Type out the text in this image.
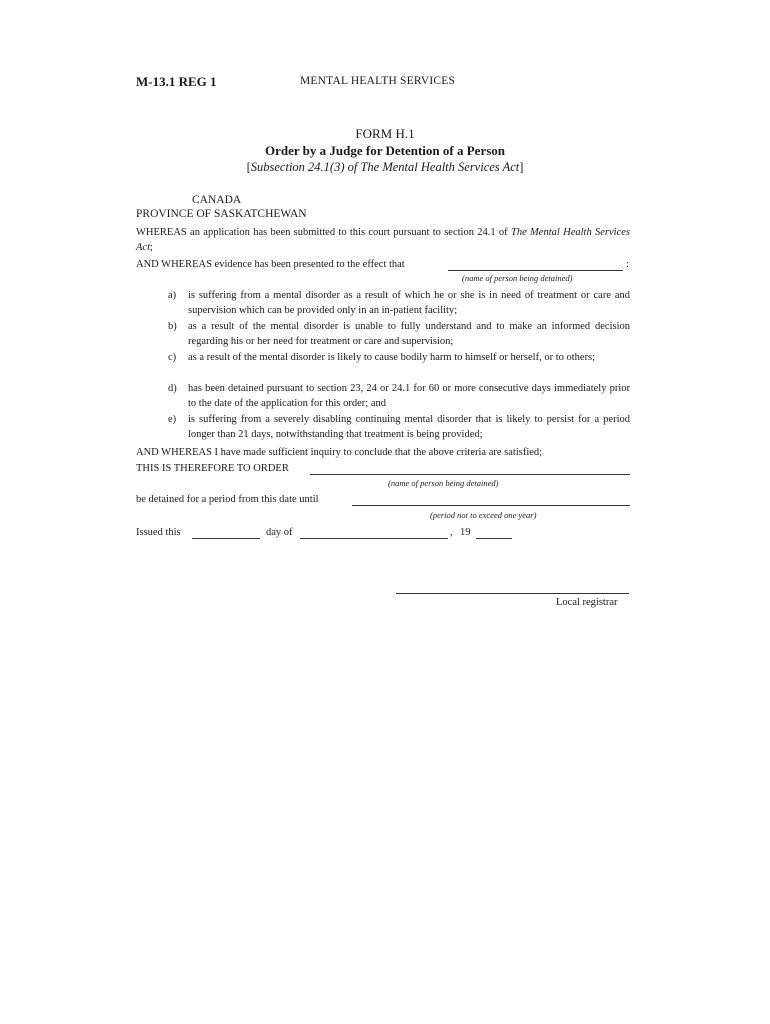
M-13.1 REG 1	MENTAL HEALTH SERVICES
FORM H.1
Order by a Judge for Detention of a Person
[Subsection 24.1(3) of The Mental Health Services Act]
CANADA
PROVINCE OF SASKATCHEWAN
WHEREAS an application has been submitted to this court pursuant to section 24.1 of The Mental Health Services Act;
AND WHEREAS evidence has been presented to the effect that	:
(name of person being detained)
a) is suffering from a mental disorder as a result of which he or she is in need of treatment or care and supervision which can be provided only in an in-patient facility;
b) as a result of the mental disorder is unable to fully understand and to make an informed decision regarding his or her need for treatment or care and supervision;
c) as a result of the mental disorder is likely to cause bodily harm to himself or herself, or to others;
d) has been detained pursuant to section 23, 24 or 24.1 for 60 or more consecutive days immediately prior to the date of the application for this order; and
e) is suffering from a severely disabling continuing mental disorder that is likely to persist for a period longer than 21 days, notwithstanding that treatment is being provided;
AND WHEREAS I have made sufficient inquiry to conclude that the above criteria are satisfied;
THIS IS THEREFORE TO ORDER
(name of person being detained)
be detained for a period from this date until
(period not to exceed one year)
Issued this	day of	, 19
Local registrar
